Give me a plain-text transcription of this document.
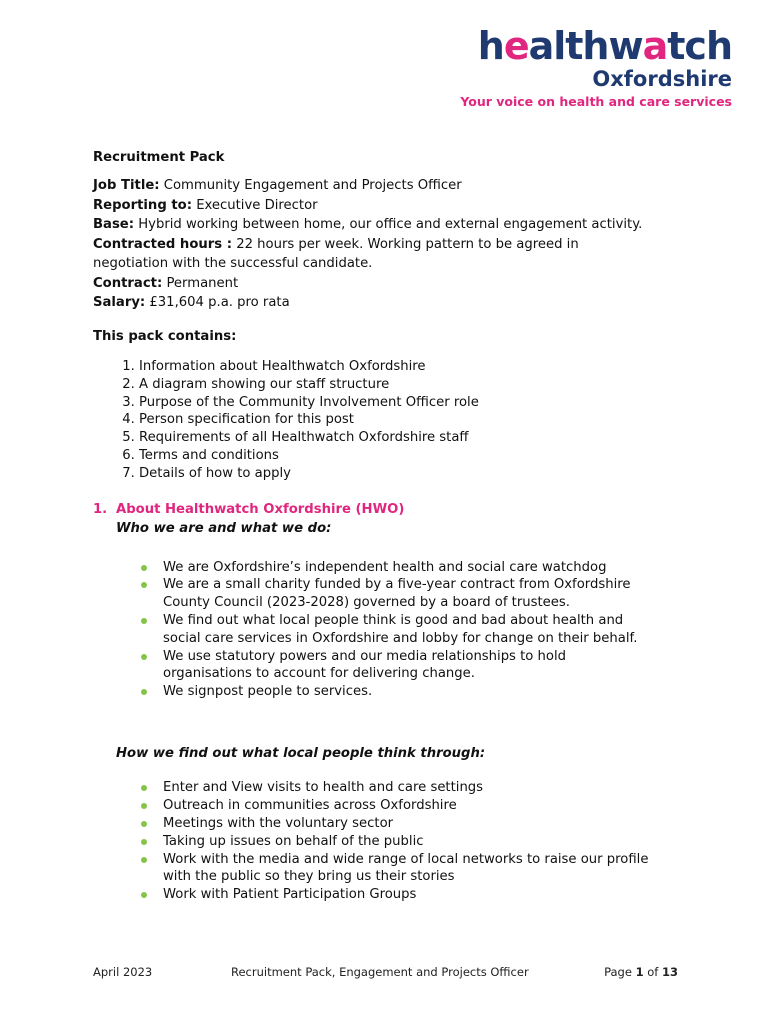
healthwatch
Oxfordshire
Your voice on health and care services
Recruitment Pack

Job Title: Community Engagement and Projects Officer

Reporting to: Executive Director

Base: Hybrid working between home, our office and external engagement activity.

Contracted hours : 22 hours per week. Working pattern to be agreed in negotiation with the successful candidate.

Contract: Permanent

Salary: £31,604 p.a. pro rata

This pack contains:
1. Information about Healthwatch Oxfordshire
2. A diagram showing our staff structure
3. Purpose of the Community Involvement Officer role
4. Person specification for this post
5. Requirements of all Healthwatch Oxfordshire staff
6. Terms and conditions
7. Details of how to apply
1. About Healthwatch Oxfordshire (HWO)
Who we are and what we do:
We are Oxfordshire’s independent health and social care watchdog
We are a small charity funded by a five-year contract from Oxfordshire County Council (2023-2028) governed by a board of trustees.
We find out what local people think is good and bad about health and social care services in Oxfordshire and lobby for change on their behalf.
We use statutory powers and our media relationships to hold organisations to account for delivering change.
We signpost people to services.
How we find out what local people think through:
Enter and View visits to health and care settings
Outreach in communities across Oxfordshire
Meetings with the voluntary sector
Taking up issues on behalf of the public
Work with the media and wide range of local networks to raise our profile with the public so they bring us their stories
Work with Patient Participation Groups
April 2023	Recruitment Pack, Engagement and Projects Officer	Page 1 of 13
